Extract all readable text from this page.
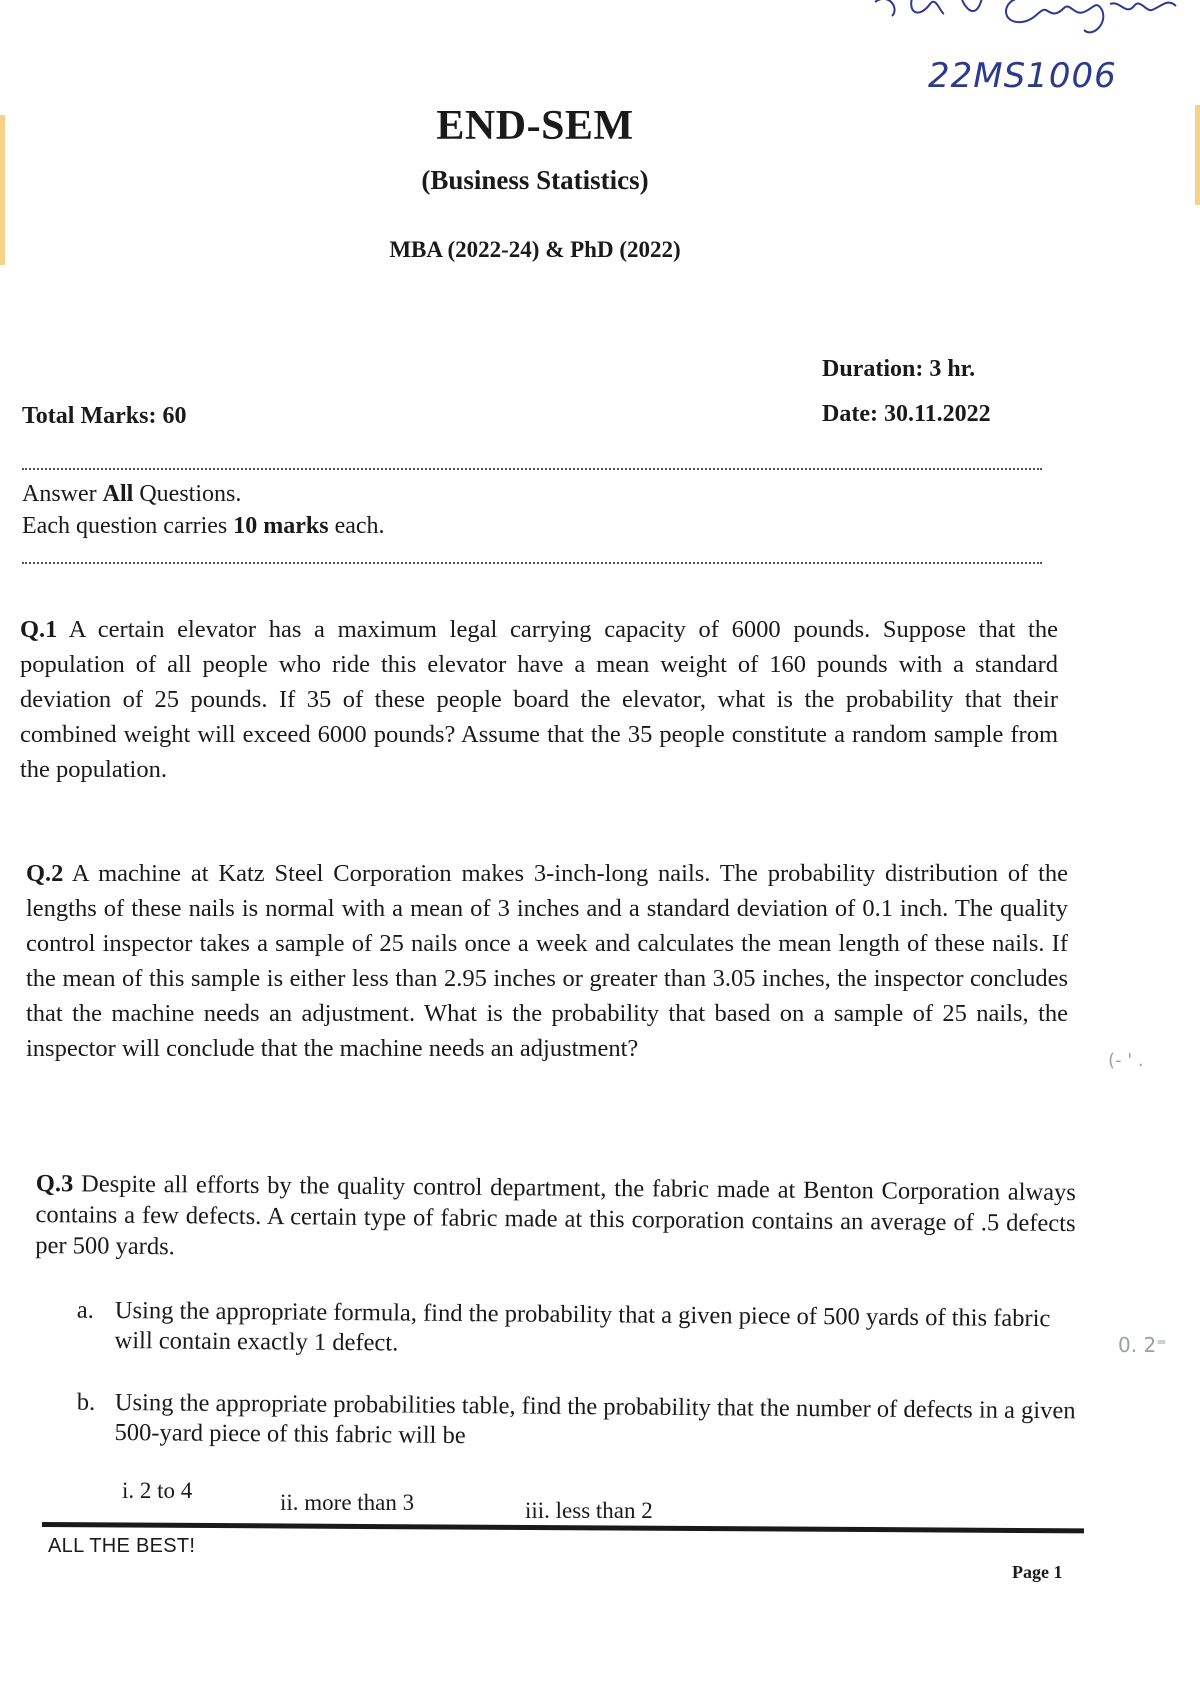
22MS1006
END-SEM
(Business Statistics)
MBA (2022-24) & PhD (2022)
Duration: 3 hr.
Total Marks: 60	Date: 30.11.2022
Answer All Questions.
Each question carries 10 marks each.
Q.1 A certain elevator has a maximum legal carrying capacity of 6000 pounds. Suppose that the population of all people who ride this elevator have a mean weight of 160 pounds with a standard deviation of 25 pounds. If 35 of these people board the elevator, what is the probability that their combined weight will exceed 6000 pounds? Assume that the 35 people constitute a random sample from the population.
Q.2 A machine at Katz Steel Corporation makes 3-inch-long nails. The probability distribution of the lengths of these nails is normal with a mean of 3 inches and a standard deviation of 0.1 inch. The quality control inspector takes a sample of 25 nails once a week and calculates the mean length of these nails. If the mean of this sample is either less than 2.95 inches or greater than 3.05 inches, the inspector concludes that the machine needs an adjustment. What is the probability that based on a sample of 25 nails, the inspector will conclude that the machine needs an adjustment?	(- ' .
Q.3 Despite all efforts by the quality control department, the fabric made at Benton Corporation always contains a few defects. A certain type of fabric made at this corporation contains an average of .5 defects per 500 yards.
a. Using the appropriate formula, find the probability that a given piece of 500 yards of this fabric will contain exactly 1 defect.	0. 2⁼
b. Using the appropriate probabilities table, find the probability that the number of defects in a given 500-yard piece of this fabric will be
i. 2 to 4	ii. more than 3	iii. less than 2
ALL THE BEST!
Page 1
